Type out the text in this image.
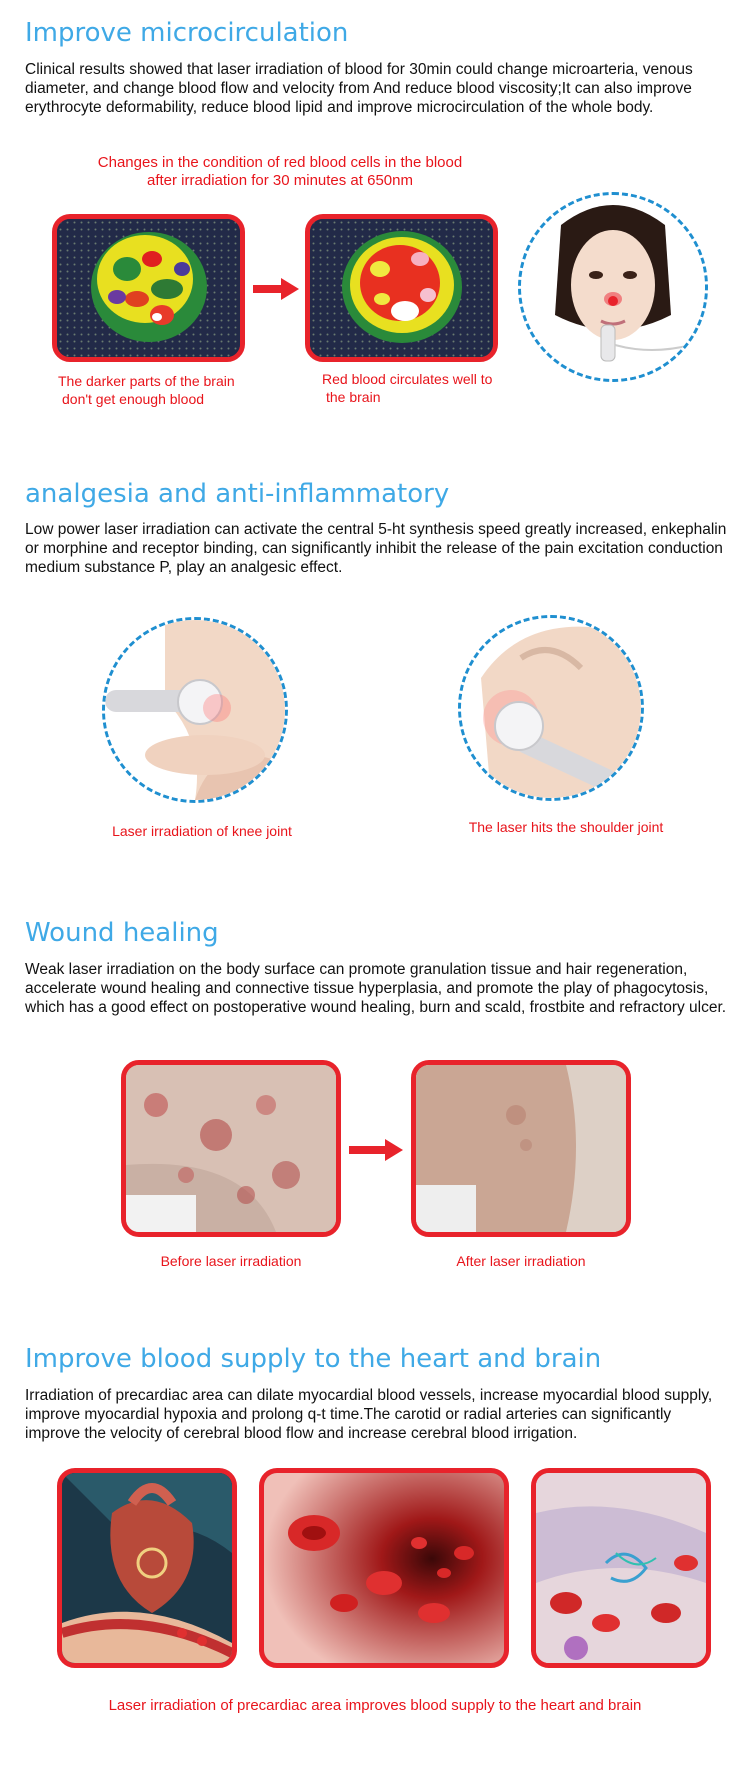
Improve microcirculation

Clinical results showed that laser irradiation of blood for 30min could change microarteria, venous diameter, and change blood flow and velocity from And reduce blood viscosity;It can also improve erythrocyte deformability, reduce blood lipid and improve microcirculation of the whole body.

Changes in the condition of red blood cells in the blood
after irradiation for 30 minutes at 650nm
The darker parts of the brain
don't get enough blood
Red blood circulates well to
the brain
analgesia and anti-inflammatory

Low power laser irradiation can activate the central 5-ht synthesis speed greatly increased, enkephalin or morphine and receptor binding, can significantly inhibit the release of the pain excitation conduction medium substance P, play an analgesic effect.

Laser irradiation of knee joint	The laser hits the shoulder joint
Wound healing

Weak laser irradiation on the body surface can promote granulation tissue and hair regeneration, accelerate wound healing and connective tissue hyperplasia, and promote the play of phagocytosis, which has a good effect on postoperative wound healing, burn and scald, frostbite and refractory ulcer.

Before laser irradiation	After laser irradiation
Improve blood supply to the heart and brain

Irradiation of precardiac area can dilate myocardial blood vessels, increase myocardial blood supply, improve myocardial hypoxia and prolong q-t time.The carotid or radial arteries can significantly improve the velocity of cerebral blood flow and increase cerebral blood irrigation.

Laser irradiation of precardiac area improves blood supply to the heart and brain
